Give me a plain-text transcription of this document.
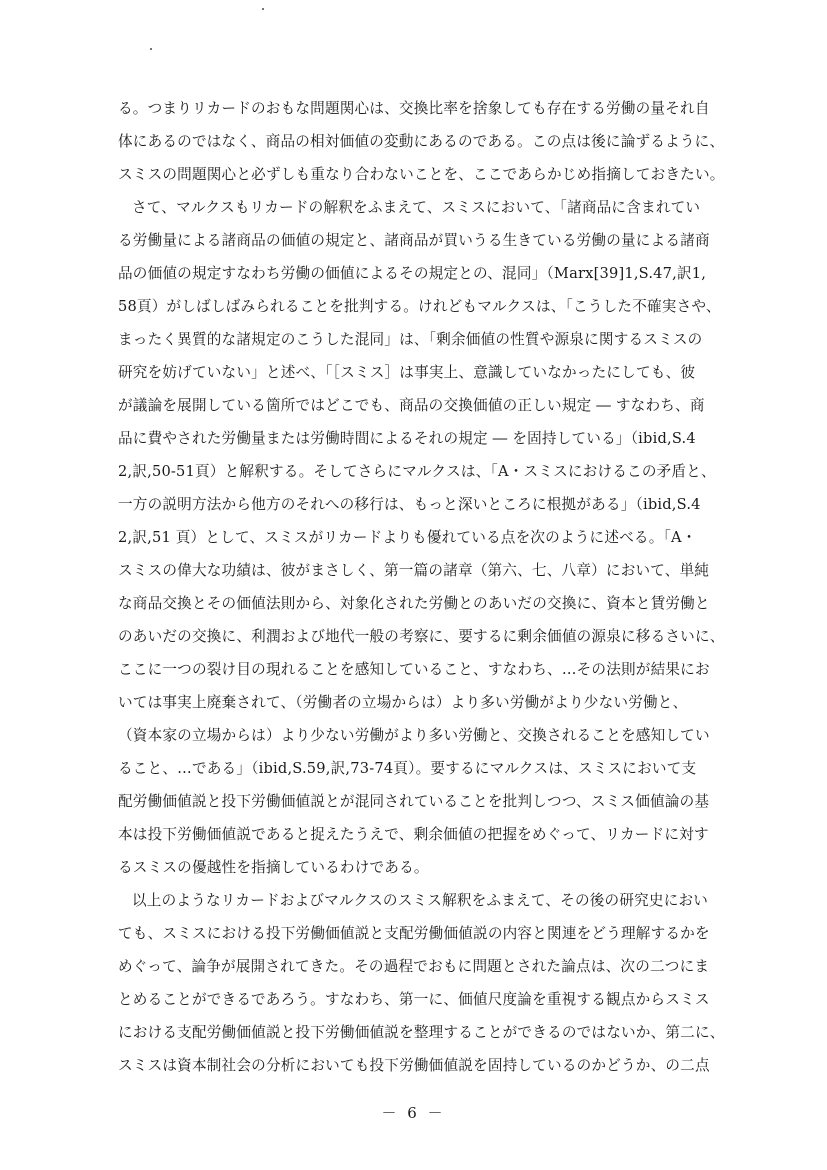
る。つまりリカードのおもな問題関心は、交換比率を捨象しても存在する労働の量それ自
体にあるのではなく、商品の相対価値の変動にあるのである。この点は後に論ずるように、
スミスの問題関心と必ずしも重なり合わないことを、ここであらかじめ指摘しておきたい。
さて、マルクスもリカードの解釈をふまえて、スミスにおいて、「諸商品に含まれてい
る労働量による諸商品の価値の規定と、諸商品が買いうる生きている労働の量による諸商
品の価値の規定すなわち労働の価値によるその規定との、混同」（Marx[39]1,S.47,訳1,
58頁）がしばしばみられることを批判する。けれどもマルクスは、「こうした不確実さや、
まったく異質的な諸規定のこうした混同」は、「剰余価値の性質や源泉に関するスミスの
研究を妨げていない」と述べ、「［スミス］は事実上、意識していなかったにしても、彼
が議論を展開している箇所ではどこでも、商品の交換価値の正しい規定 ― すなわち、商
品に費やされた労働量または労働時間によるそれの規定 ― を固持している」（ibid,S.4
2,訳,50-51頁）と解釈する。そしてさらにマルクスは、「A・スミスにおけるこの矛盾と、
一方の説明方法から他方のそれへの移行は、もっと深いところに根拠がある」（ibid,S.4
2,訳,51 頁）として、スミスがリカードよりも優れている点を次のように述べる。「A・
スミスの偉大な功績は、彼がまさしく、第一篇の諸章（第六、七、八章）において、単純
な商品交換とその価値法則から、対象化された労働とのあいだの交換に、資本と賃労働と
のあいだの交換に、利潤および地代一般の考察に、要するに剰余価値の源泉に移るさいに、
ここに一つの裂け目の現れることを感知していること、すなわち、…その法則が結果にお
いては事実上廃棄されて、（労働者の立場からは）より多い労働がより少ない労働と、
（資本家の立場からは）より少ない労働がより多い労働と、交換されることを感知してい
ること、…である」（ibid,S.59,訳,73-74頁）。要するにマルクスは、スミスにおいて支
配労働価値説と投下労働価値説とが混同されていることを批判しつつ、スミス価値論の基
本は投下労働価値説であると捉えたうえで、剰余価値の把握をめぐって、リカードに対す
るスミスの優越性を指摘しているわけである。
以上のようなリカードおよびマルクスのスミス解釈をふまえて、その後の研究史におい
ても、スミスにおける投下労働価値説と支配労働価値説の内容と関連をどう理解するかを
めぐって、論争が展開されてきた。その過程でおもに問題とされた論点は、次の二つにま
とめることができるであろう。すなわち、第一に、価値尺度論を重視する観点からスミス
における支配労働価値説と投下労働価値説を整理することができるのではないか、第二に、
スミスは資本制社会の分析においても投下労働価値説を固持しているのかどうか、の二点
－ 6 －
